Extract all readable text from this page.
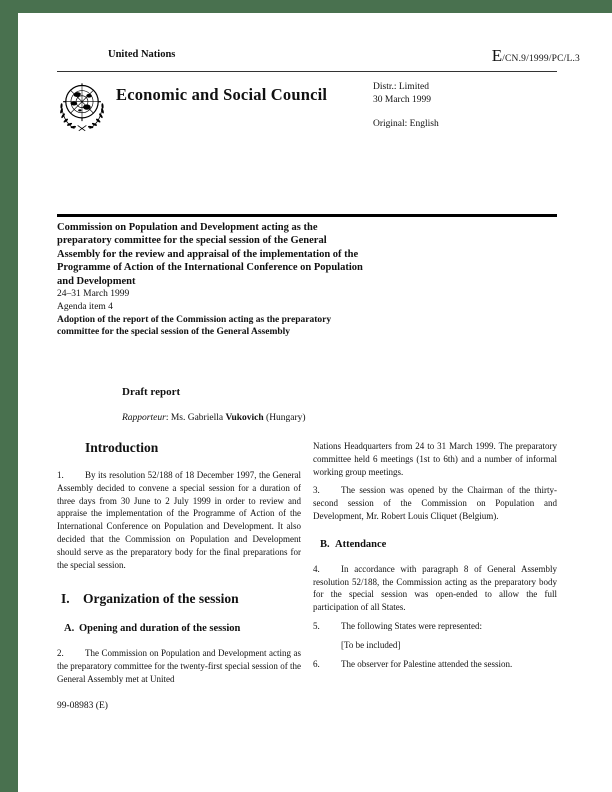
United Nations	E/CN.9/1999/PC/L.3
Economic and Social Council	Distr.: Limited
30 March 1999
Original: English
Commission on Population and Development acting as the preparatory committee for the special session of the General Assembly for the review and appraisal of the implementation of the Programme of Action of the International Conference on Population and Development
24–31 March 1999
Agenda item 4
Adoption of the report of the Commission acting as the preparatory committee for the special session of the General Assembly
Draft report
Rapporteur: Ms. Gabriella Vukovich (Hungary)
Introduction
1. By its resolution 52/188 of 18 December 1997, the General Assembly decided to convene a special session for a duration of three days from 30 June to 2 July 1999 in order to review and appraise the implementation of the Programme of Action of the International Conference on Population and Development. It also decided that the Commission on Population and Development should serve as the preparatory body for the final preparations for the special session.
I. Organization of the session
A. Opening and duration of the session
2. The Commission on Population and Development acting as the preparatory committee for the twenty-first special session of the General Assembly met at United
Nations Headquarters from 24 to 31 March 1999. The preparatory committee held 6 meetings (1st to 6th) and a number of informal working group meetings.
3. The session was opened by the Chairman of the thirty-second session of the Commission on Population and Development, Mr. Robert Louis Cliquet (Belgium).
B. Attendance
4. In accordance with paragraph 8 of General Assembly resolution 52/188, the Commission acting as the preparatory body for the special session was open-ended to allow the full participation of all States.
5. The following States were represented:
[To be included]
6. The observer for Palestine attended the session.
99-08983 (E)
